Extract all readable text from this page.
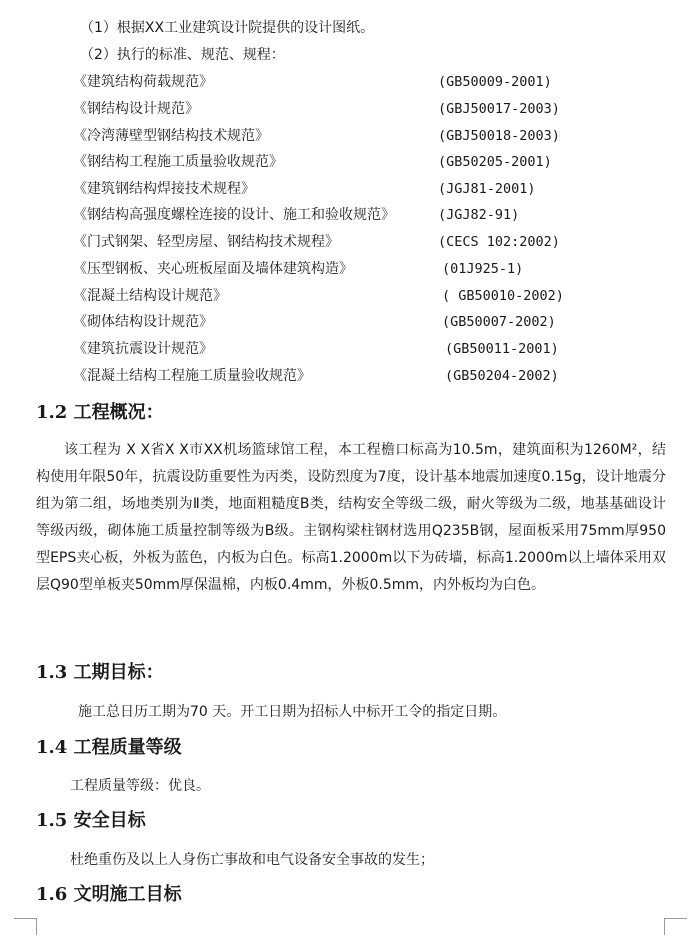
（1）根据XX工业建筑设计院提供的设计图纸。
（2）执行的标准、规范、规程：
《建筑结构荷载规范》	(GB50009-2001)
《钢结构设计规范》	(GBJ50017-2003)
《冷湾薄壁型钢结构技术规范》	(GBJ50018-2003)
《钢结构工程施工质量验收规范》	(GB50205-2001)
《建筑钢结构焊接技术规程》	(JGJ81-2001)
《钢结构高强度螺栓连接的设计、施工和验收规范》	(JGJ82-91)
《门式钢架、轻型房屋、钢结构技术规程》	(CECS 102:2002)
《压型钢板、夹心班板屋面及墙体建筑构造》	(01J925-1)
《混凝土结构设计规范》	( GB50010-2002)
《砌体结构设计规范》	(GB50007-2002)
《建筑抗震设计规范》	(GB50011-2001)
《混凝土结构工程施工质量验收规范》	(GB50204-2002)
1.2 工程概况：

该工程为 X X省X X市XX机场篮球馆工程，本工程檐口标高为10.5m，建筑面积为1260M²，结构使用年限50年，抗震设防重要性为丙类，设防烈度为7度，设计基本地震加速度0.15g，设计地震分组为第二组，场地类别为Ⅱ类，地面粗糙度B类，结构安全等级二级，耐火等级为二级，地基基础设计等级丙级，砌体施工质量控制等级为B级。主钢构梁柱钢材选用Q235B钢，屋面板采用75mm厚950型EPS夹心板，外板为蓝色，内板为白色。标高1.2000m以下为砖墙，标高1.2000m以上墙体采用双层Q90型单板夹50mm厚保温棉，内板0.4mm，外板0.5mm，内外板均为白色。

1.3 工期目标：
施工总日历工期为70 天。开工日期为招标人中标开工令的指定日期。
1.4 工程质量等级
工程质量等级：优良。
1.5 安全目标
杜绝重伤及以上人身伤亡事故和电气设备安全事故的发生；
1.6 文明施工目标
